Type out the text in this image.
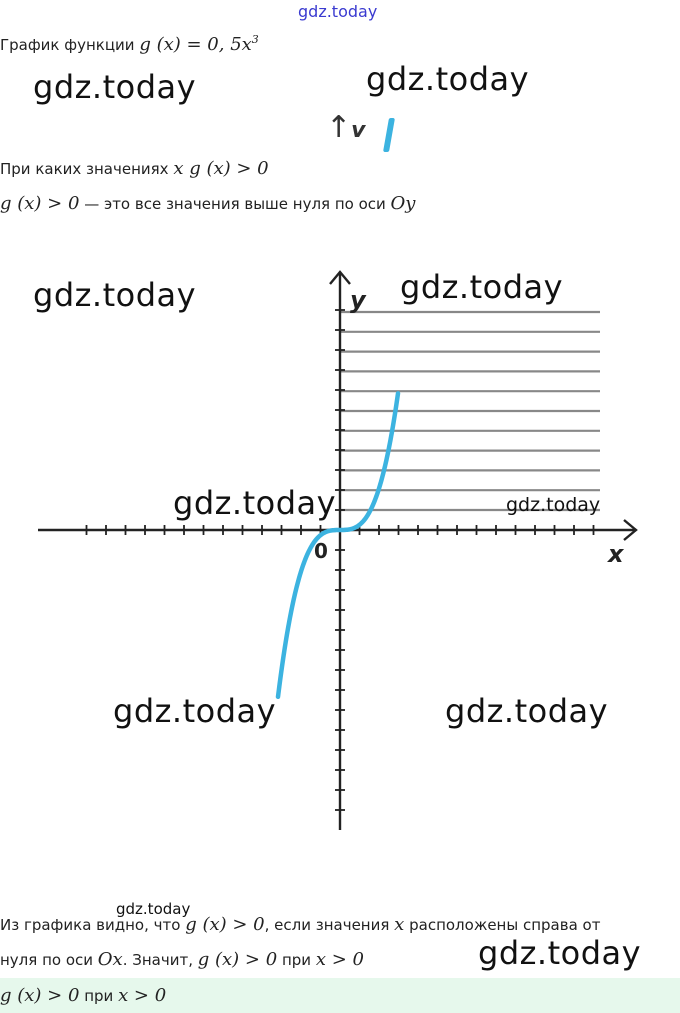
gdz.today
График функции g (x) = 0, $5x^3$
gdz.today	gdz.today
↑v
При каких значениях x g (x) > 0
g (x) > 0 — это все значения выше нуля по оси Oy
x
y
0
gdz.today	gdz.today
gdz.today	gdz.today
gdz.today	gdz.today
gdz.today
Из графика видно, что g (x) > 0, если значения x расположены справа от
нуля по оси Ox. Значит, g (x) > 0 при x > 0	gdz.today
g (x) > 0 при x > 0
